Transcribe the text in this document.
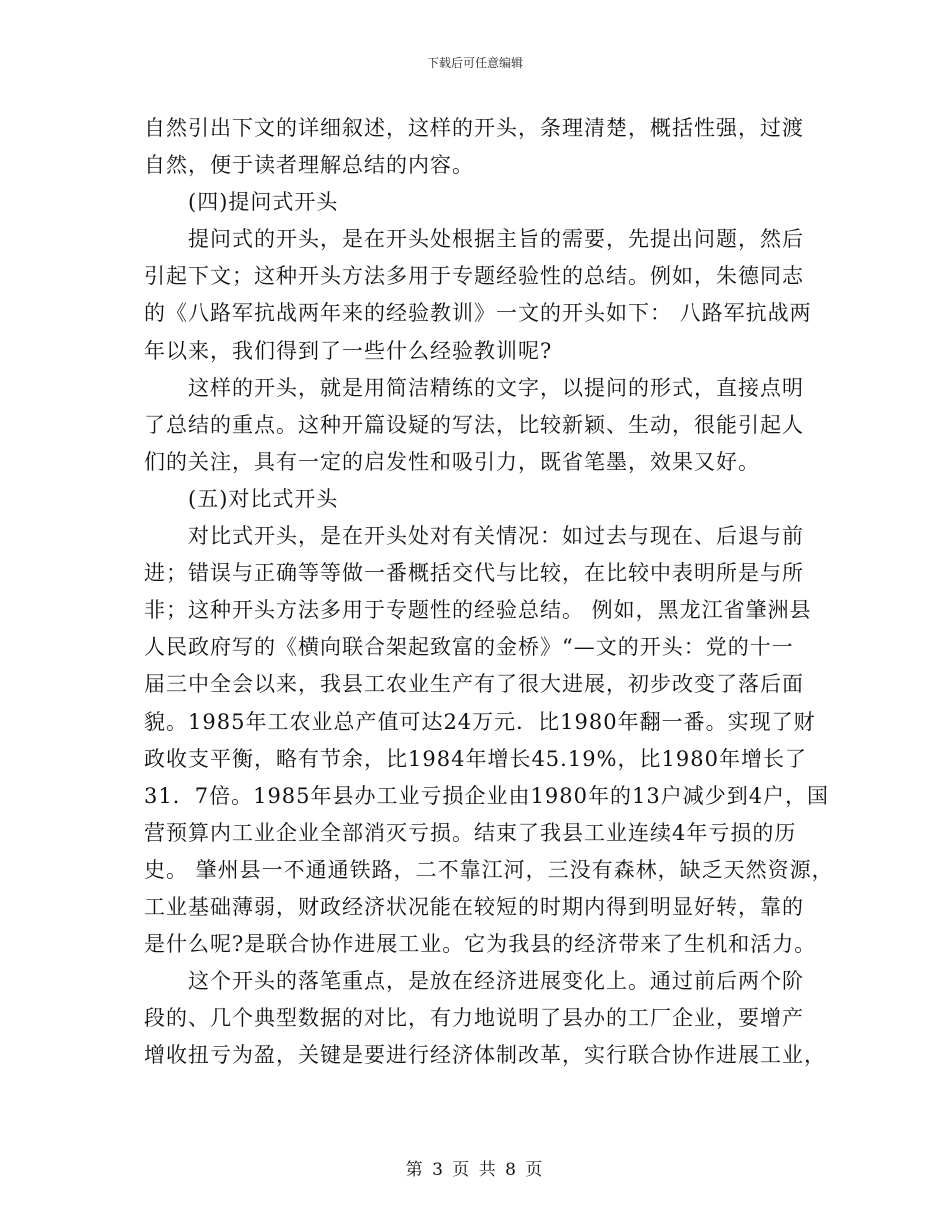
下载后可任意编辑
自然引出下文的详细叙述，这样的开头，条理清楚，概括性强，过渡
自然，便于读者理解总结的内容。
(四)提问式开头
提问式的开头，是在开头处根据主旨的需要，先提出问题，然后
引起下文；这种开头方法多用于专题经验性的总结。例如，朱德同志
的《八路军抗战两年来的经验教训》一文的开头如下： 八路军抗战两
年以来，我们得到了一些什么经验教训呢?
这样的开头，就是用简洁精练的文字，以提问的形式，直接点明
了总结的重点。这种开篇设疑的写法，比较新颖、生动，很能引起人
们的关注，具有一定的启发性和吸引力，既省笔墨，效果又好。
(五)对比式开头
对比式开头，是在开头处对有关情况：如过去与现在、后退与前
进；错误与正确等等做一番概括交代与比较，在比较中表明所是与所
非；这种开头方法多用于专题性的经验总结。 例如，黑龙江省肇洲县
人民政府写的《横向联合架起致富的金桥》“—文的开头：党的十一
届三中全会以来，我县工农业生产有了很大进展，初步改变了落后面
貌。1985年工农业总产值可达24万元．比1980年翻一番。实现了财
政收支平衡，略有节余，比1984年增长45.19%，比1980年增长了
31．7倍。1985年县办工业亏损企业由1980年的13户减少到4户，国
营预算内工业企业全部消灭亏损。结束了我县工业连续4年亏损的历
史。 肇州县一不通通铁路，二不靠江河，三没有森林，缺乏天然资源，
工业基础薄弱，财政经济状况能在较短的时期内得到明显好转，靠的
是什么呢?是联合协作进展工业。它为我县的经济带来了生机和活力。
这个开头的落笔重点，是放在经济进展变化上。通过前后两个阶
段的、几个典型数据的对比，有力地说明了县办的工厂企业，要增产
增收扭亏为盈，关键是要进行经济体制改革，实行联合协作进展工业，
第 3 页 共 8 页
